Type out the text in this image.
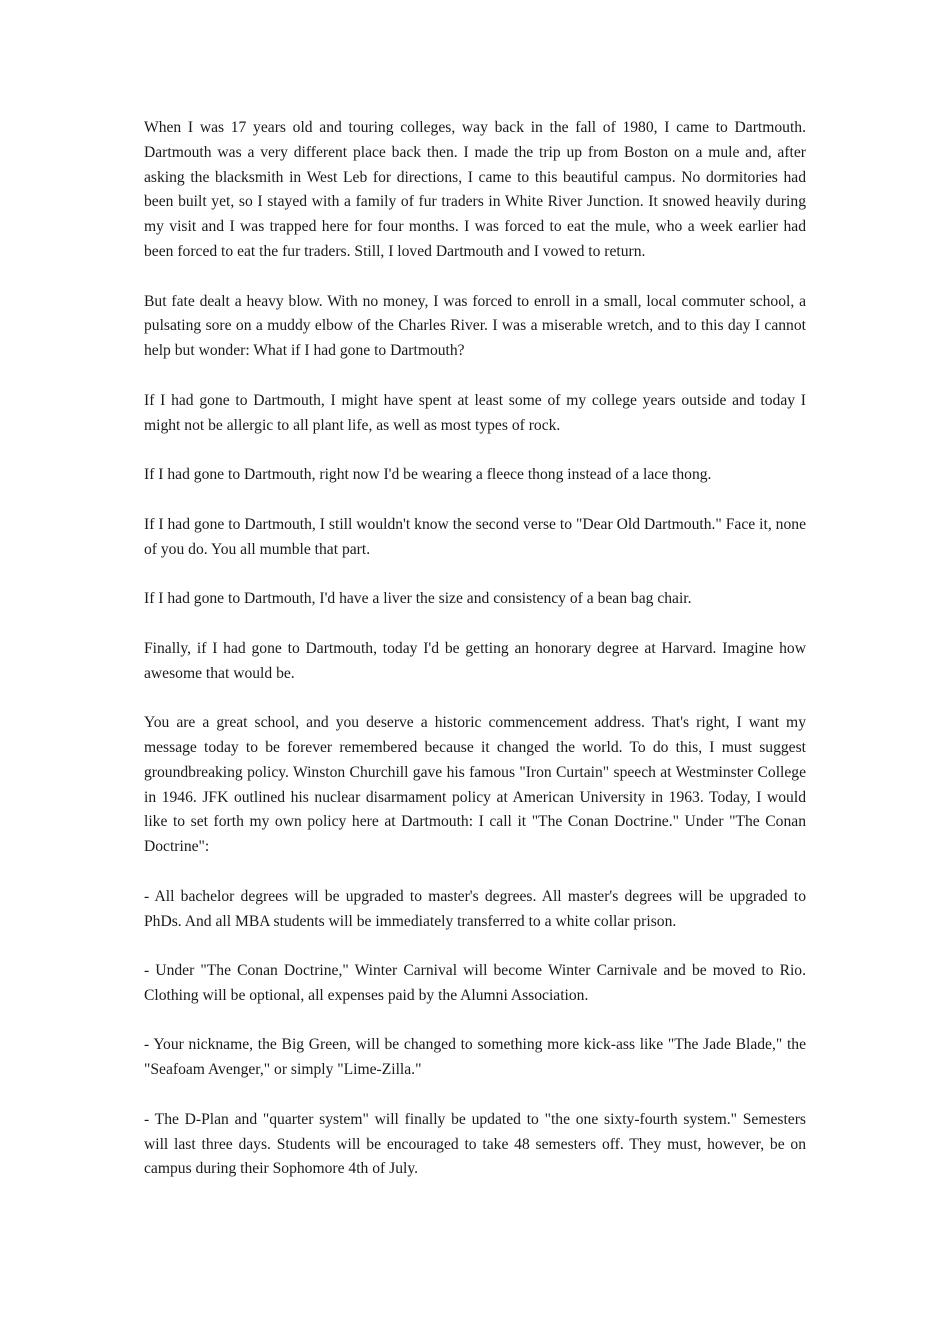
When I was 17 years old and touring colleges, way back in the fall of 1980, I came to Dartmouth. Dartmouth was a very different place back then. I made the trip up from Boston on a mule and, after asking the blacksmith in West Leb for directions, I came to this beautiful campus. No dormitories had been built yet, so I stayed with a family of fur traders in White River Junction. It snowed heavily during my visit and I was trapped here for four months. I was forced to eat the mule, who a week earlier had been forced to eat the fur traders. Still, I loved Dartmouth and I vowed to return.

But fate dealt a heavy blow. With no money, I was forced to enroll in a small, local commuter school, a pulsating sore on a muddy elbow of the Charles River. I was a miserable wretch, and to this day I cannot help but wonder: What if I had gone to Dartmouth?

If I had gone to Dartmouth, I might have spent at least some of my college years outside and today I might not be allergic to all plant life, as well as most types of rock.

If I had gone to Dartmouth, right now I'd be wearing a fleece thong instead of a lace thong.

If I had gone to Dartmouth, I still wouldn't know the second verse to "Dear Old Dartmouth." Face it, none of you do. You all mumble that part.

If I had gone to Dartmouth, I'd have a liver the size and consistency of a bean bag chair.

Finally, if I had gone to Dartmouth, today I'd be getting an honorary degree at Harvard. Imagine how awesome that would be.

You are a great school, and you deserve a historic commencement address. That's right, I want my message today to be forever remembered because it changed the world. To do this, I must suggest groundbreaking policy. Winston Churchill gave his famous "Iron Curtain" speech at Westminster College in 1946. JFK outlined his nuclear disarmament policy at American University in 1963. Today, I would like to set forth my own policy here at Dartmouth: I call it "The Conan Doctrine." Under "The Conan Doctrine":

- All bachelor degrees will be upgraded to master's degrees. All master's degrees will be upgraded to PhDs. And all MBA students will be immediately transferred to a white collar prison.

- Under "The Conan Doctrine," Winter Carnival will become Winter Carnivale and be moved to Rio. Clothing will be optional, all expenses paid by the Alumni Association.

- Your nickname, the Big Green, will be changed to something more kick-ass like "The Jade Blade," the "Seafoam Avenger," or simply "Lime-Zilla."

- The D-Plan and "quarter system" will finally be updated to "the one sixty-fourth system." Semesters will last three days. Students will be encouraged to take 48 semesters off. They must, however, be on campus during their Sophomore 4th of July.
